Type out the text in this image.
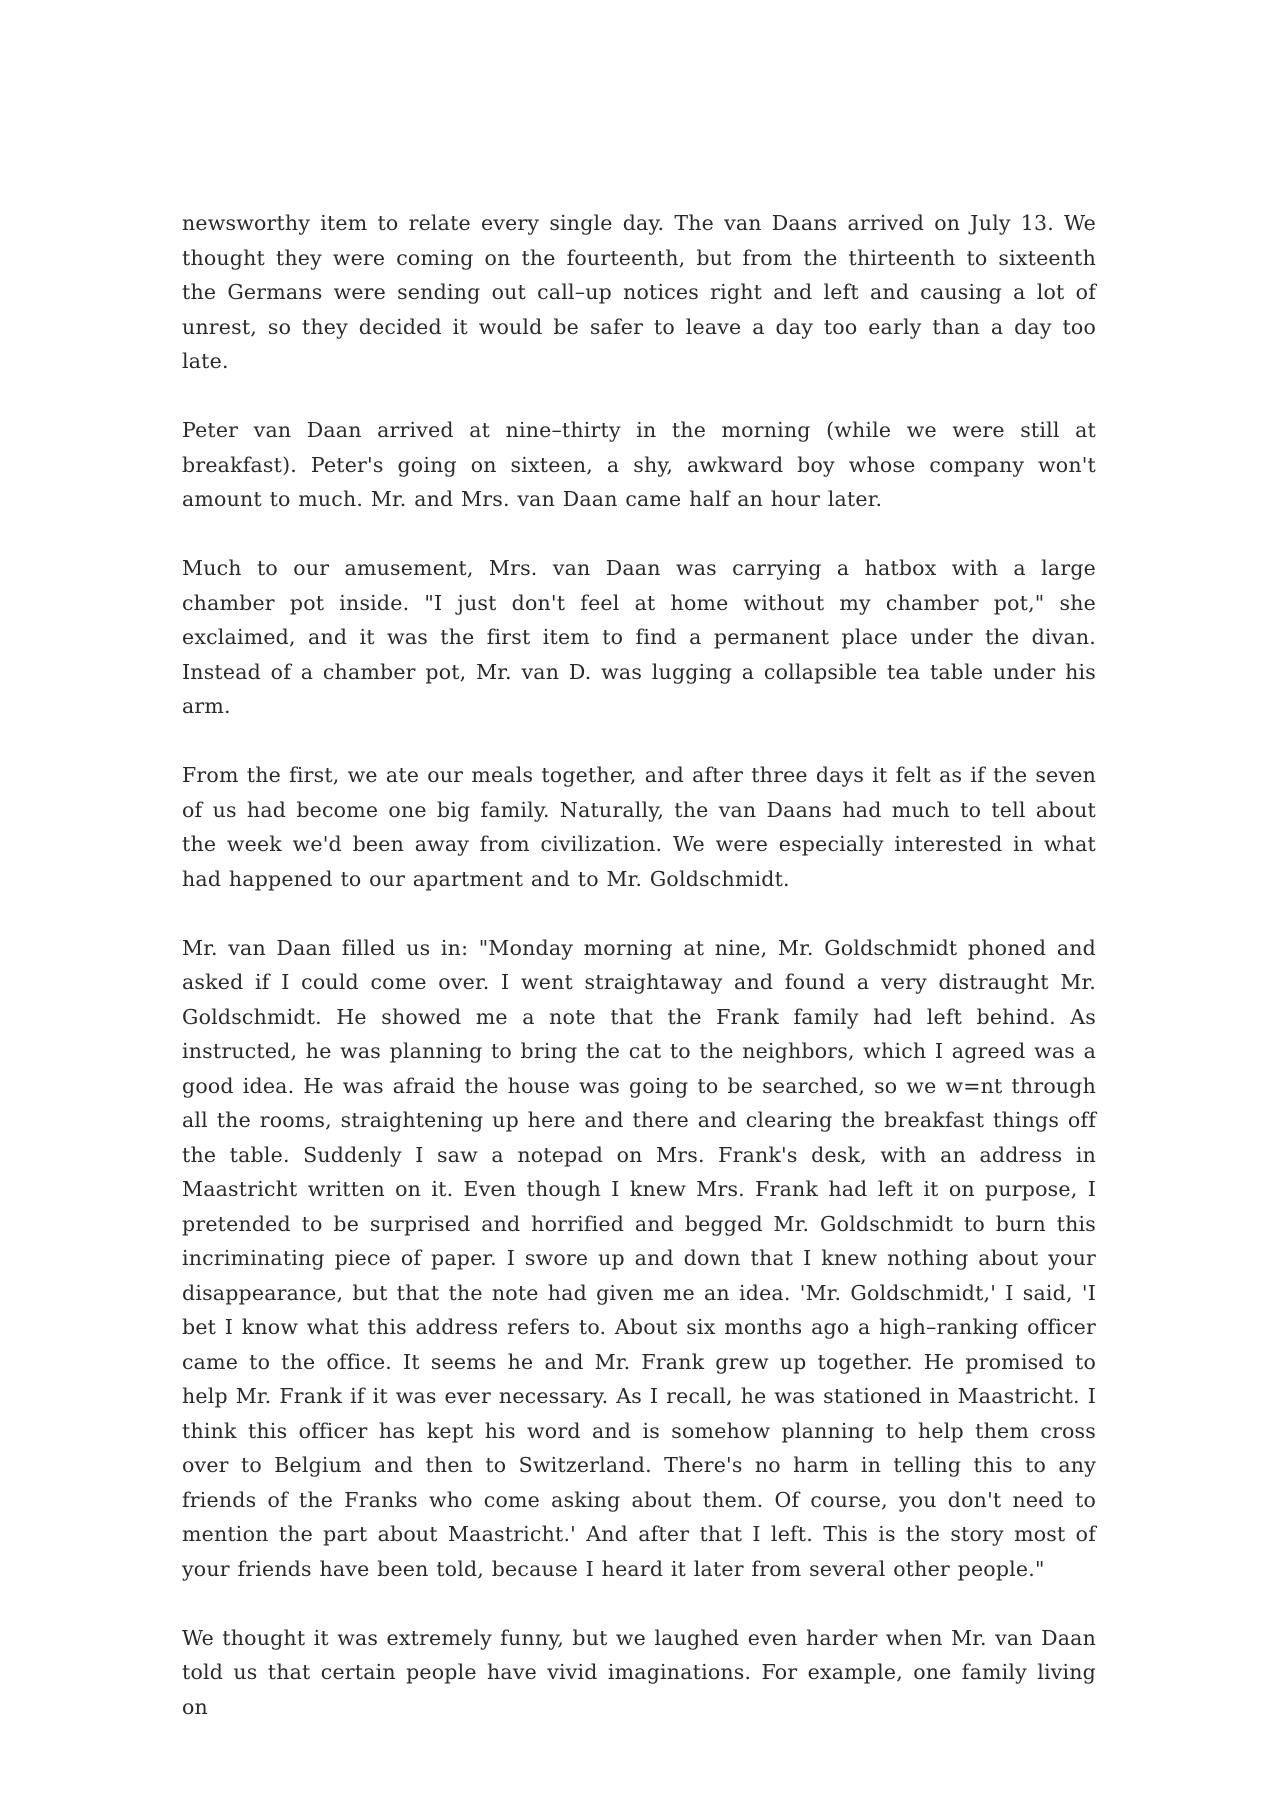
newsworthy item to relate every single day. The van Daans arrived on July 13. We thought they were coming on the fourteenth, but from the thirteenth to sixteenth the Germans were sending out call–up notices right and left and causing a lot of unrest, so they decided it would be safer to leave a day too early than a day too late.

Peter van Daan arrived at nine–thirty in the morning (while we were still at breakfast). Peter's going on sixteen, a shy, awkward boy whose company won't amount to much. Mr. and Mrs. van Daan came half an hour later.

Much to our amusement, Mrs. van Daan was carrying a hatbox with a large chamber pot inside. "I just don't feel at home without my chamber pot," she exclaimed, and it was the first item to find a permanent place under the divan. Instead of a chamber pot, Mr. van D. was lugging a collapsible tea table under his arm.

From the first, we ate our meals together, and after three days it felt as if the seven of us had become one big family. Naturally, the van Daans had much to tell about the week we'd been away from civilization. We were especially interested in what had happened to our apartment and to Mr. Goldschmidt.

Mr. van Daan filled us in: "Monday morning at nine, Mr. Goldschmidt phoned and asked if I could come over. I went straightaway and found a very distraught Mr. Goldschmidt. He showed me a note that the Frank family had left behind. As instructed, he was planning to bring the cat to the neighbors, which I agreed was a good idea. He was afraid the house was going to be searched, so we w=nt through all the rooms, straightening up here and there and clearing the breakfast things off the table. Suddenly I saw a notepad on Mrs. Frank's desk, with an address in Maastricht written on it. Even though I knew Mrs. Frank had left it on purpose, I pretended to be surprised and horrified and begged Mr. Goldschmidt to burn this incriminating piece of paper. I swore up and down that I knew nothing about your disappearance, but that the note had given me an idea. 'Mr. Goldschmidt,' I said, 'I bet I know what this address refers to. About six months ago a high–ranking officer came to the office. It seems he and Mr. Frank grew up together. He promised to help Mr. Frank if it was ever necessary. As I recall, he was stationed in Maastricht. I think this officer has kept his word and is somehow planning to help them cross over to Belgium and then to Switzerland. There's no harm in telling this to any friends of the Franks who come asking about them. Of course, you don't need to mention the part about Maastricht.' And after that I left. This is the story most of your friends have been told, because I heard it later from several other people."

We thought it was extremely funny, but we laughed even harder when Mr. van Daan told us that certain people have vivid imaginations. For example, one family living on
